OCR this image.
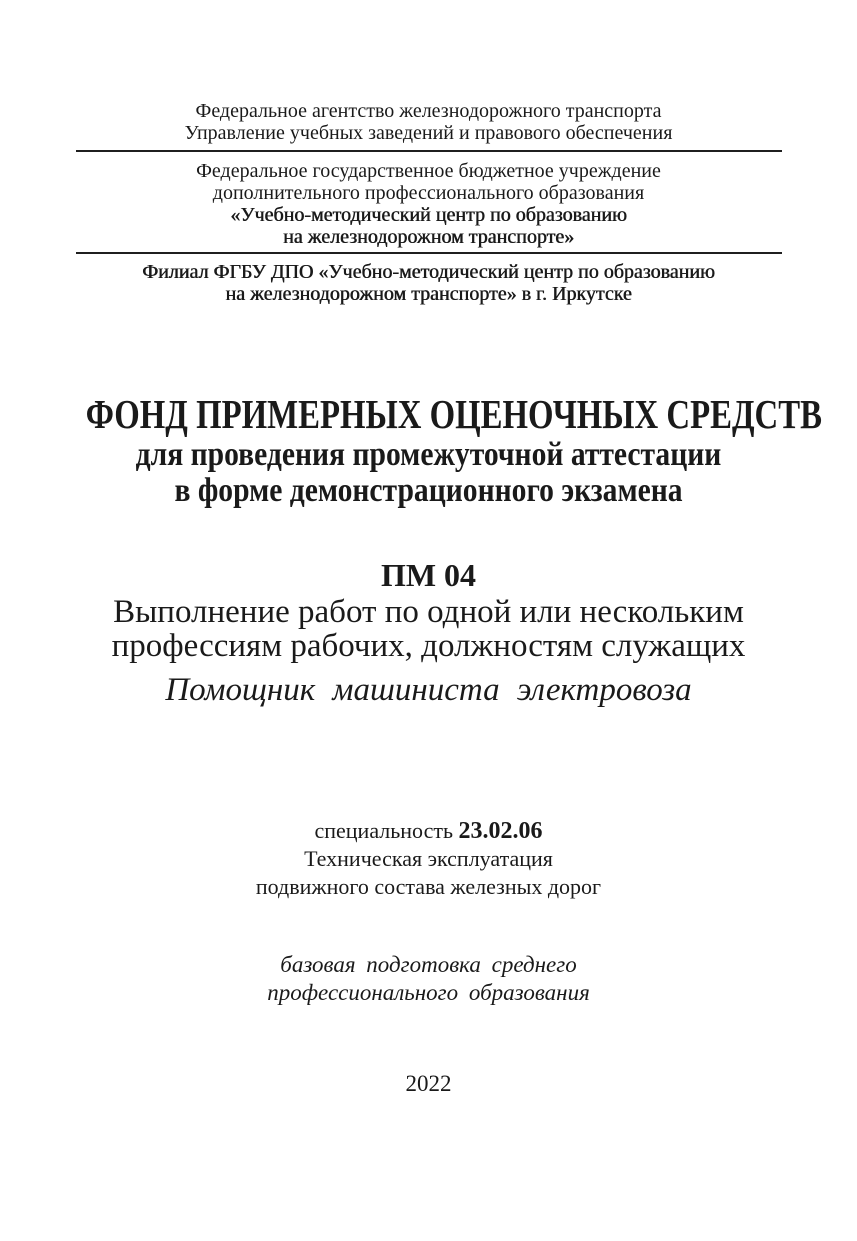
Федеральное агентство железнодорожного транспорта
Управление учебных заведений и правового обеспечения
Федеральное государственное бюджетное учреждение
дополнительного профессионального образования
«Учебно-методический центр по образованию
на железнодорожном транспорте»
Филиал ФГБУ ДПО «Учебно-методический центр по образованию
на железнодорожном транспорте» в г. Иркутске
ФОНД ПРИМЕРНЫХ ОЦЕНОЧНЫХ СРЕДСТВ
для проведения промежуточной аттестации
в форме демонстрационного экзамена
ПМ 04
Выполнение работ по одной или нескольким
профессиям рабочих, должностям служащих
Помощник машиниста электровоза
специальность 23.02.06
Техническая эксплуатация
подвижного состава железных дорог
базовая подготовка среднего
профессионального образования
2022
